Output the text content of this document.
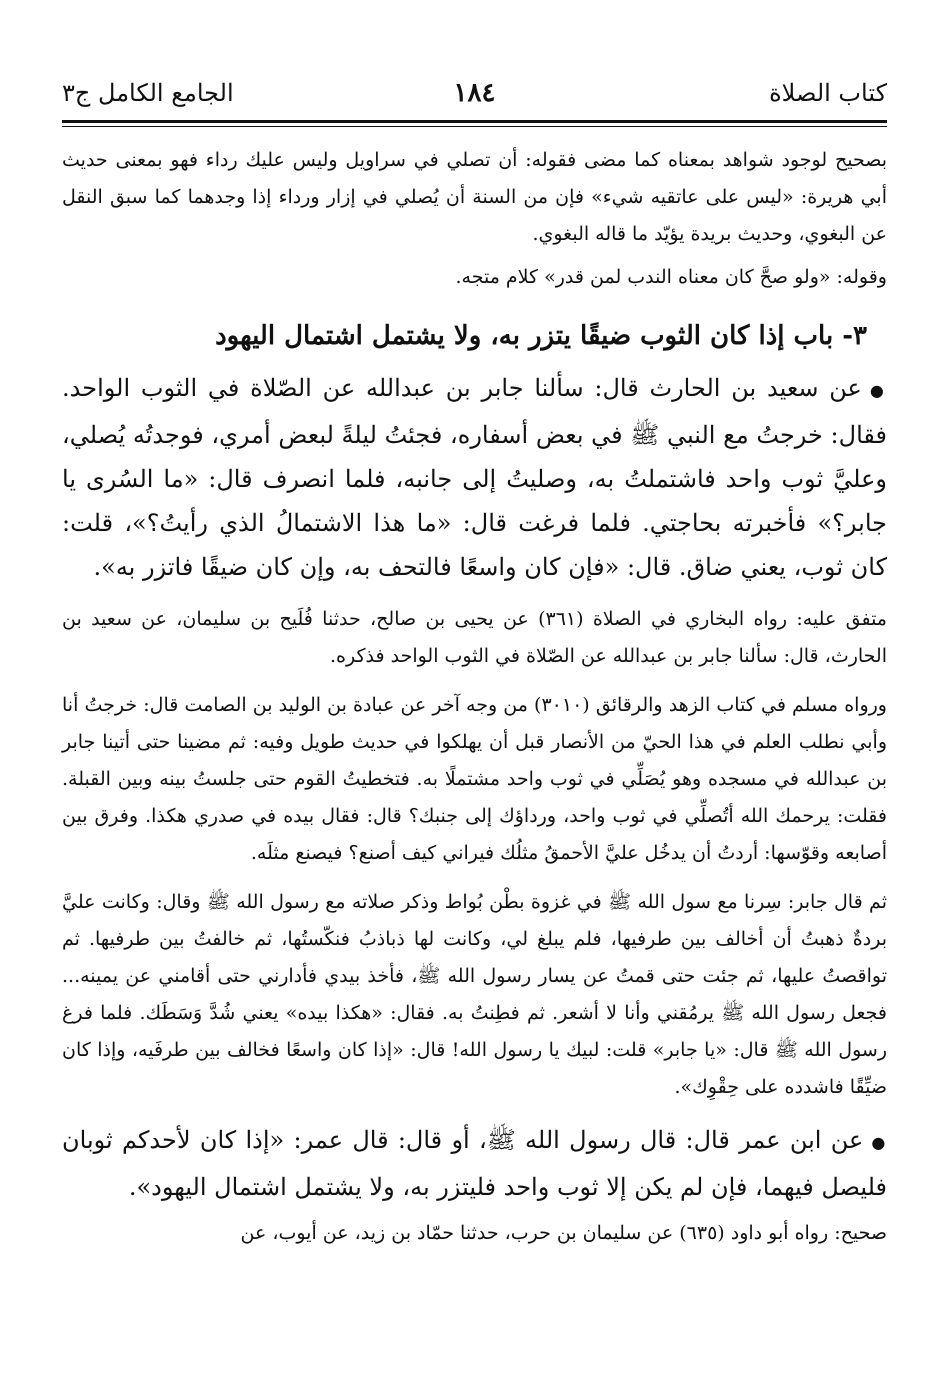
كتاب الصلاة
١٨٤
الجامع الكامل ج٣

بصحيح لوجود شواهد بمعناه كما مضى فقوله: أن تصلي في سراويل وليس عليك رداء فهو بمعنى حديث أبي هريرة: «ليس على عاتقيه شيء» فإن من السنة أن يُصلي في إزار ورداء إذا وجدهما كما سبق النقل عن البغوي، وحديث بريدة يؤيّد ما قاله البغوي.

وقوله: «ولو صحَّ كان معناه الندب لمن قدر» كلام متجه.

٣- باب إذا كان الثوب ضيقًا يتزر به، ولا يشتمل اشتمال اليهود

●عن سعيد بن الحارث قال: سألنا جابر بن عبدالله عن الصّلاة في الثوب الواحد. فقال: خرجتُ مع النبي ﷺ في بعض أسفاره، فجئتُ ليلةً لبعض أمري، فوجدتُه يُصلي، وعليَّ ثوب واحد فاشتملتُ به، وصليتُ إلى جانبه، فلما انصرف قال: «ما السُرى يا جابر؟» فأخبرته بحاجتي. فلما فرغت قال: «ما هذا الاشتمالُ الذي رأيتُ؟»، قلت: كان ثوب، يعني ضاق. قال: «فإن كان واسعًا فالتحف به، وإن كان ضيقًا فاتزر به».

متفق عليه: رواه البخاري في الصلاة (٣٦١) عن يحيى بن صالح، حدثنا فُلَيح بن سليمان، عن سعيد بن الحارث، قال: سألنا جابر بن عبدالله عن الصّلاة في الثوب الواحد فذكره.

ورواه مسلم في كتاب الزهد والرقائق (٣٠١٠) من وجه آخر عن عبادة بن الوليد بن الصامت قال: خرجتُ أنا وأبي نطلب العلم في هذا الحيّ من الأنصار قبل أن يهلكوا في حديث طويل وفيه: ثم مضينا حتى أتينا جابر بن عبدالله في مسجده وهو يُصَلِّي في ثوب واحد مشتملًا به. فتخطيتُ القوم حتى جلستُ بينه وبين القبلة. فقلت: يرحمك الله أتُصلِّي في ثوب واحد، ورداؤك إلى جنبك؟ قال: فقال بيده في صدري هكذا. وفرق بين أصابعه وقوّسها: أردتُ أن يدخُل عليَّ الأحمقُ مثلُك فيراني كيف أصنع؟ فيصنع مثلَه.

ثم قال جابر: سِرنا مع سول الله ﷺ في غزوة بطْن بُواط وذكر صلاته مع رسول الله ﷺ وقال: وكانت عليَّ بردةٌ ذهبتُ أن أخالف بين طرفيها، فلم يبلغ لي، وكانت لها ذباذبُ فنكّستُها، ثم خالفتُ بين طرفيها. ثم تواقصتُ عليها، ثم جئت حتى قمتُ عن يسار رسول الله ﷺ، فأخذ بيدي فأدارني حتى أقامني عن يمينه... فجعل رسول الله ﷺ يرمُقني وأنا لا أشعر. ثم فطِنتُ به. فقال: «هكذا بيده» يعني شُدَّ وَسَطَك. فلما فرغ رسول الله ﷺ قال: «يا جابر» قلت: لبيك يا رسول الله! قال: «إذا كان واسعًا فخالف بين طرفَيه، وإذا كان ضيِّقًا فاشدده على حِقْوِك».

●عن ابن عمر قال: قال رسول الله ﷺ، أو قال: قال عمر: «إذا كان لأحدكم ثوبان فليصل فيهما، فإن لم يكن إلا ثوب واحد فليتزر به، ولا يشتمل اشتمال اليهود».

صحيح: رواه أبو داود (٦٣٥) عن سليمان بن حرب، حدثنا حمّاد بن زيد، عن أيوب، عن
